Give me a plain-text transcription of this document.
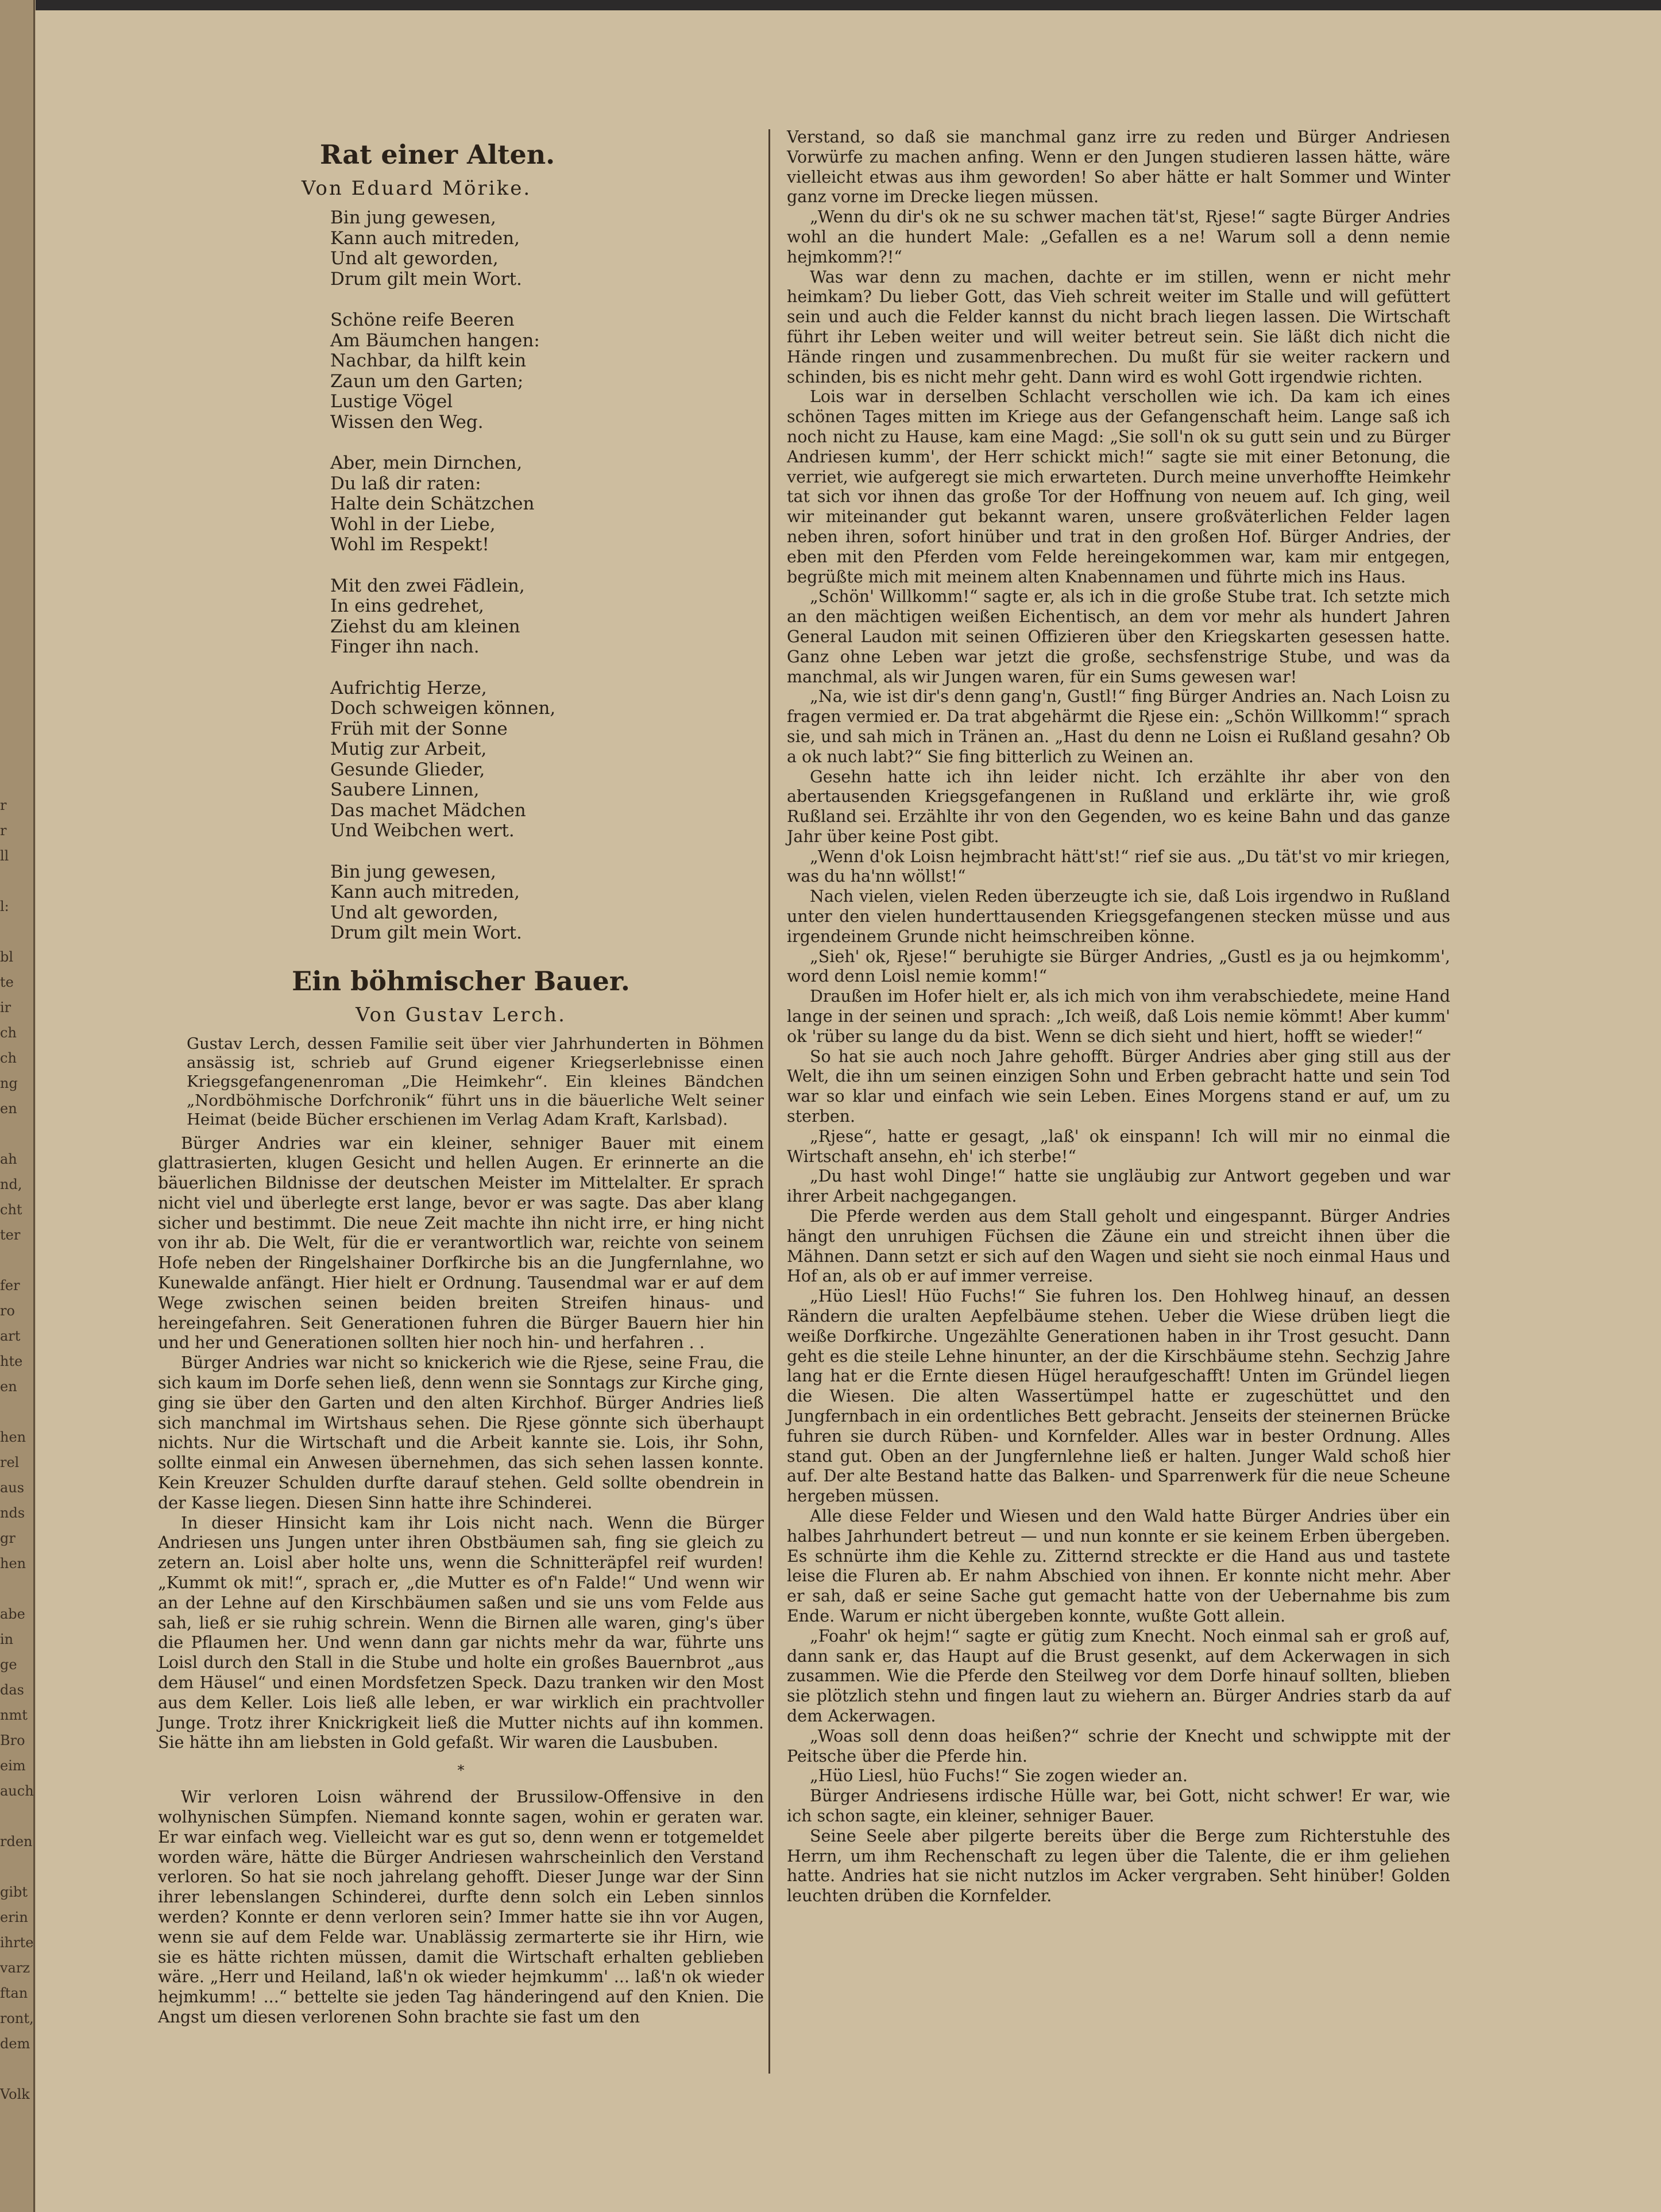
r
r
ll

l:

bl
te
ir
ch
ch
ng
en

ah
nd,
cht
ter

fer
ro
art
hte
en

hen
rel
aus
nds
gr
hen

abe
in
ge
das
nmt
Bro
eim
auch

rden

gibt
erin
ihrte
varz
ftan
ront,
dem

Volk
Rat einer Alten.
Von Eduard Mörike.
Bin jung gewesen,
Kann auch mitreden,
Und alt geworden,
Drum gilt mein Wort.
Schöne reife Beeren
Am Bäumchen hangen:
Nachbar, da hilft kein
Zaun um den Garten;
Lustige Vögel
Wissen den Weg.
Aber, mein Dirnchen,
Du laß dir raten:
Halte dein Schätzchen
Wohl in der Liebe,
Wohl im Respekt!
Mit den zwei Fädlein,
In eins gedrehet,
Ziehst du am kleinen
Finger ihn nach.
Aufrichtig Herze,
Doch schweigen können,
Früh mit der Sonne
Mutig zur Arbeit,
Gesunde Glieder,
Saubere Linnen,
Das machet Mädchen
Und Weibchen wert.
Bin jung gewesen,
Kann auch mitreden,
Und alt geworden,
Drum gilt mein Wort.
Ein böhmischer Bauer.
Von Gustav Lerch.
Gustav Lerch, dessen Familie seit über vier Jahrhunderten in Böhmen ansässig ist, schrieb auf Grund eigener Kriegserlebnisse einen Kriegsgefangenenroman „Die Heimkehr“. Ein kleines Bändchen „Nordböhmische Dorfchronik“ führt uns in die bäuerliche Welt seiner Heimat (beide Bücher erschienen im Verlag Adam Kraft, Karlsbad).

Bürger Andries war ein kleiner, sehniger Bauer mit einem glattrasierten, klugen Gesicht und hellen Augen. Er erinnerte an die bäuerlichen Bildnisse der deutschen Meister im Mittelalter. Er sprach nicht viel und überlegte erst lange, bevor er was sagte. Das aber klang sicher und bestimmt. Die neue Zeit machte ihn nicht irre, er hing nicht von ihr ab. Die Welt, für die er verantwortlich war, reichte von seinem Hofe neben der Ringelshainer Dorfkirche bis an die Jungfernlahne, wo Kunewalde anfängt. Hier hielt er Ordnung. Tausendmal war er auf dem Wege zwischen seinen beiden breiten Streifen hinaus- und hereingefahren. Seit Generationen fuhren die Bürger Bauern hier hin und her und Generationen sollten hier noch hin- und herfahren . .

Bürger Andries war nicht so knickerich wie die Rjese, seine Frau, die sich kaum im Dorfe sehen ließ, denn wenn sie Sonntags zur Kirche ging, ging sie über den Garten und den alten Kirchhof. Bürger Andries ließ sich manchmal im Wirtshaus sehen. Die Rjese gönnte sich überhaupt nichts. Nur die Wirtschaft und die Arbeit kannte sie. Lois, ihr Sohn, sollte einmal ein Anwesen übernehmen, das sich sehen lassen konnte. Kein Kreuzer Schulden durfte darauf stehen. Geld sollte obendrein in der Kasse liegen. Diesen Sinn hatte ihre Schinderei.

In dieser Hinsicht kam ihr Lois nicht nach. Wenn die Bürger Andriesen uns Jungen unter ihren Obstbäumen sah, fing sie gleich zu zetern an. Loisl aber holte uns, wenn die Schnitteräpfel reif wurden! „Kummt ok mit!“, sprach er, „die Mutter es of'n Falde!“ Und wenn wir an der Lehne auf den Kirschbäumen saßen und sie uns vom Felde aus sah, ließ er sie ruhig schrein. Wenn die Birnen alle waren, ging's über die Pflaumen her. Und wenn dann gar nichts mehr da war, führte uns Loisl durch den Stall in die Stube und holte ein großes Bauernbrot „aus dem Häusel“ und einen Mordsfetzen Speck. Dazu tranken wir den Most aus dem Keller. Lois ließ alle leben, er war wirklich ein prachtvoller Junge. Trotz ihrer Knickrigkeit ließ die Mutter nichts auf ihn kommen. Sie hätte ihn am liebsten in Gold gefaßt. Wir waren die Lausbuben.

*

Wir verloren Loisn während der Brussilow-Offensive in den wolhynischen Sümpfen. Niemand konnte sagen, wohin er geraten war. Er war einfach weg. Vielleicht war es gut so, denn wenn er totgemeldet worden wäre, hätte die Bürger Andriesen wahrscheinlich den Verstand verloren. So hat sie noch jahrelang gehofft. Dieser Junge war der Sinn ihrer lebenslangen Schinderei, durfte denn solch ein Leben sinnlos werden? Konnte er denn verloren sein? Immer hatte sie ihn vor Augen, wenn sie auf dem Felde war. Unablässig zermarterte sie ihr Hirn, wie sie es hätte richten müssen, damit die Wirtschaft erhalten geblieben wäre. „Herr und Heiland, laß'n ok wieder hejmkumm' ... laß'n ok wieder hejmkumm! ...“ bettelte sie jeden Tag händeringend auf den Knien. Die Angst um diesen verlorenen Sohn brachte sie fast um den

Verstand, so daß sie manchmal ganz irre zu reden und Bürger Andriesen Vorwürfe zu machen anfing. Wenn er den Jungen studieren lassen hätte, wäre vielleicht etwas aus ihm geworden! So aber hätte er halt Sommer und Winter ganz vorne im Drecke liegen müssen.

„Wenn du dir's ok ne su schwer machen tät'st, Rjese!“ sagte Bürger Andries wohl an die hundert Male: „Gefallen es a ne! Warum soll a denn nemie hejmkomm?!“

Was war denn zu machen, dachte er im stillen, wenn er nicht mehr heimkam? Du lieber Gott, das Vieh schreit weiter im Stalle und will gefüttert sein und auch die Felder kannst du nicht brach liegen lassen. Die Wirtschaft führt ihr Leben weiter und will weiter betreut sein. Sie läßt dich nicht die Hände ringen und zusammenbrechen. Du mußt für sie weiter rackern und schinden, bis es nicht mehr geht. Dann wird es wohl Gott irgendwie richten.

Lois war in derselben Schlacht verschollen wie ich. Da kam ich eines schönen Tages mitten im Kriege aus der Gefangenschaft heim. Lange saß ich noch nicht zu Hause, kam eine Magd: „Sie soll'n ok su gutt sein und zu Bürger Andriesen kumm', der Herr schickt mich!“ sagte sie mit einer Betonung, die verriet, wie aufgeregt sie mich erwarteten. Durch meine unverhoffte Heimkehr tat sich vor ihnen das große Tor der Hoffnung von neuem auf. Ich ging, weil wir miteinander gut bekannt waren, unsere großväterlichen Felder lagen neben ihren, sofort hinüber und trat in den großen Hof. Bürger Andries, der eben mit den Pferden vom Felde hereingekommen war, kam mir entgegen, begrüßte mich mit meinem alten Knabennamen und führte mich ins Haus.

„Schön' Willkomm!“ sagte er, als ich in die große Stube trat. Ich setzte mich an den mächtigen weißen Eichentisch, an dem vor mehr als hundert Jahren General Laudon mit seinen Offizieren über den Kriegskarten gesessen hatte. Ganz ohne Leben war jetzt die große, sechsfenstrige Stube, und was da manchmal, als wir Jungen waren, für ein Sums gewesen war!

„Na, wie ist dir's denn gang'n, Gustl!“ fing Bürger Andries an. Nach Loisn zu fragen vermied er. Da trat abgehärmt die Rjese ein: „Schön Willkomm!“ sprach sie, und sah mich in Tränen an. „Hast du denn ne Loisn ei Rußland gesahn? Ob a ok nuch labt?“ Sie fing bitterlich zu Weinen an.

Gesehn hatte ich ihn leider nicht. Ich erzählte ihr aber von den abertausenden Kriegsgefangenen in Rußland und erklärte ihr, wie groß Rußland sei. Erzählte ihr von den Gegenden, wo es keine Bahn und das ganze Jahr über keine Post gibt.

„Wenn d'ok Loisn hejmbracht hätt'st!“ rief sie aus. „Du tät'st vo mir kriegen, was du ha'nn wöllst!“

Nach vielen, vielen Reden überzeugte ich sie, daß Lois irgendwo in Rußland unter den vielen hunderttausenden Kriegsgefangenen stecken müsse und aus irgendeinem Grunde nicht heimschreiben könne.

„Sieh' ok, Rjese!“ beruhigte sie Bürger Andries, „Gustl es ja ou hejmkomm', word denn Loisl nemie komm!“

Draußen im Hofer hielt er, als ich mich von ihm verabschiedete, meine Hand lange in der seinen und sprach: „Ich weiß, daß Lois nemie kömmt! Aber kumm' ok 'rüber su lange du da bist. Wenn se dich sieht und hiert, hofft se wieder!“

So hat sie auch noch Jahre gehofft. Bürger Andries aber ging still aus der Welt, die ihn um seinen einzigen Sohn und Erben gebracht hatte und sein Tod war so klar und einfach wie sein Leben. Eines Morgens stand er auf, um zu sterben.

„Rjese“, hatte er gesagt, „laß' ok einspann! Ich will mir no einmal die Wirtschaft ansehn, eh' ich sterbe!“

„Du hast wohl Dinge!“ hatte sie ungläubig zur Antwort gegeben und war ihrer Arbeit nachgegangen.

Die Pferde werden aus dem Stall geholt und eingespannt. Bürger Andries hängt den unruhigen Füchsen die Zäune ein und streicht ihnen über die Mähnen. Dann setzt er sich auf den Wagen und sieht sie noch einmal Haus und Hof an, als ob er auf immer verreise.

„Hüo Liesl! Hüo Fuchs!“ Sie fuhren los. Den Hohlweg hinauf, an dessen Rändern die uralten Aepfelbäume stehen. Ueber die Wiese drüben liegt die weiße Dorfkirche. Ungezählte Generationen haben in ihr Trost gesucht. Dann geht es die steile Lehne hinunter, an der die Kirschbäume stehn. Sechzig Jahre lang hat er die Ernte diesen Hügel heraufgeschafft! Unten im Gründel liegen die Wiesen. Die alten Wassertümpel hatte er zugeschüttet und den Jungfernbach in ein ordentliches Bett gebracht. Jenseits der steinernen Brücke fuhren sie durch Rüben- und Kornfelder. Alles war in bester Ordnung. Alles stand gut. Oben an der Jungfernlehne ließ er halten. Junger Wald schoß hier auf. Der alte Bestand hatte das Balken- und Sparrenwerk für die neue Scheune hergeben müssen.

Alle diese Felder und Wiesen und den Wald hatte Bürger Andries über ein halbes Jahrhundert betreut — und nun konnte er sie keinem Erben übergeben. Es schnürte ihm die Kehle zu. Zitternd streckte er die Hand aus und tastete leise die Fluren ab. Er nahm Abschied von ihnen. Er konnte nicht mehr. Aber er sah, daß er seine Sache gut gemacht hatte von der Uebernahme bis zum Ende. Warum er nicht übergeben konnte, wußte Gott allein.

„Foahr' ok hejm!“ sagte er gütig zum Knecht. Noch einmal sah er groß auf, dann sank er, das Haupt auf die Brust gesenkt, auf dem Ackerwagen in sich zusammen. Wie die Pferde den Steilweg vor dem Dorfe hinauf sollten, blieben sie plötzlich stehn und fingen laut zu wiehern an. Bürger Andries starb da auf dem Ackerwagen.

„Woas soll denn doas heißen?“ schrie der Knecht und schwippte mit der Peitsche über die Pferde hin.

„Hüo Liesl, hüo Fuchs!“ Sie zogen wieder an.

Bürger Andriesens irdische Hülle war, bei Gott, nicht schwer! Er war, wie ich schon sagte, ein kleiner, sehniger Bauer.

Seine Seele aber pilgerte bereits über die Berge zum Richterstuhle des Herrn, um ihm Rechenschaft zu legen über die Talente, die er ihm geliehen hatte. Andries hat sie nicht nutzlos im Acker vergraben. Seht hinüber! Golden leuchten drüben die Kornfelder.
